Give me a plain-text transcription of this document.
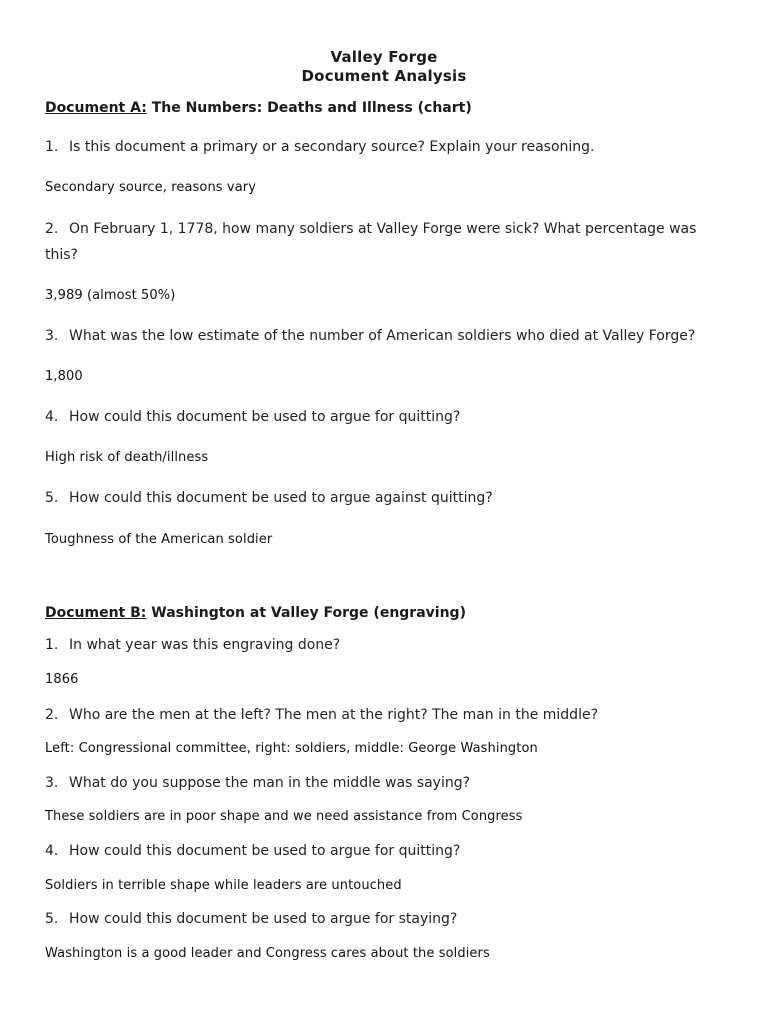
Valley Forge
Document Analysis
Document A: The Numbers: Deaths and Illness (chart)
1. Is this document a primary or a secondary source? Explain your reasoning.
Secondary source, reasons vary
2. On February 1, 1778, how many soldiers at Valley Forge were sick? What percentage was this?
3,989 (almost 50%)
3. What was the low estimate of the number of American soldiers who died at Valley Forge?
1,800
4. How could this document be used to argue for quitting?
High risk of death/illness
5. How could this document be used to argue against quitting?
Toughness of the American soldier
Document B: Washington at Valley Forge (engraving)
1. In what year was this engraving done?
1866
2. Who are the men at the left? The men at the right? The man in the middle?
Left: Congressional committee, right: soldiers, middle: George Washington
3. What do you suppose the man in the middle was saying?
These soldiers are in poor shape and we need assistance from Congress
4. How could this document be used to argue for quitting?
Soldiers in terrible shape while leaders are untouched
5. How could this document be used to argue for staying?
Washington is a good leader and Congress cares about the soldiers
